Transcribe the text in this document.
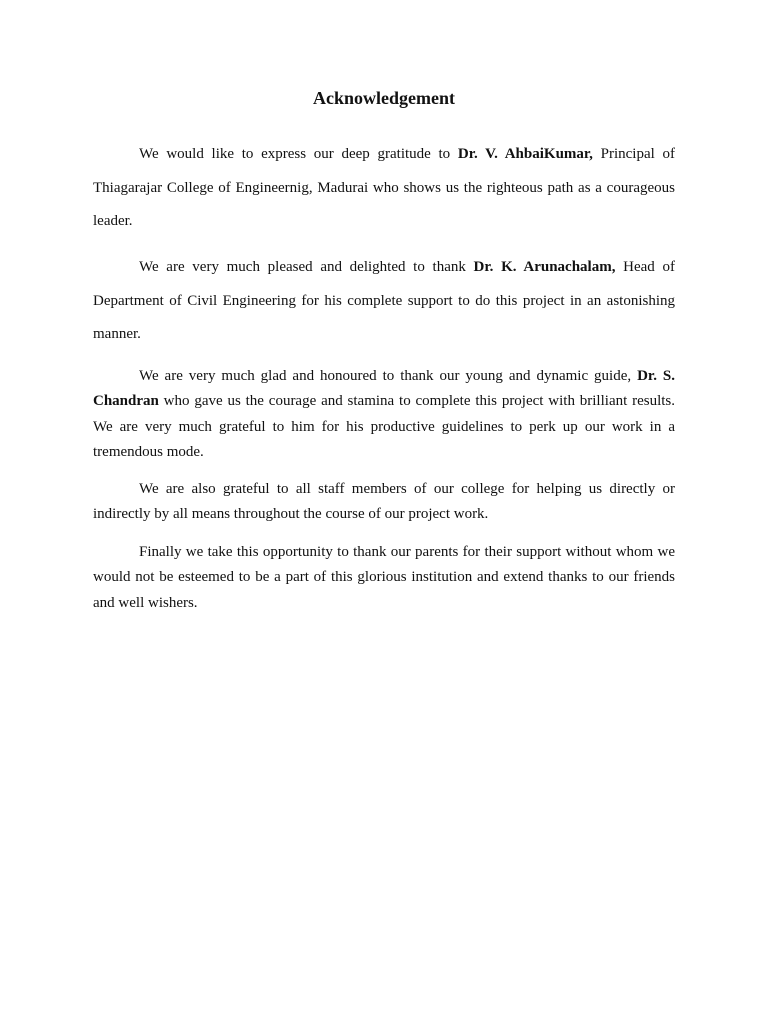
Acknowledgement

We would like to express our deep gratitude to Dr. V. AhbaiKumar, Principal of Thiagarajar College of Engineernig, Madurai who shows us the righteous path as a courageous leader.

We are very much pleased and delighted to thank Dr. K. Arunachalam, Head of Department of Civil Engineering for his complete support to do this project in an astonishing manner.

We are very much glad and honoured to thank our young and dynamic guide, Dr. S. Chandran who gave us the courage and stamina to complete this project with brilliant results. We are very much grateful to him for his productive guidelines to perk up our work in a tremendous mode.

We are also grateful to all staff members of our college for helping us directly or indirectly by all means throughout the course of our project work.

Finally we take this opportunity to thank our parents for their support without whom we would not be esteemed to be a part of this glorious institution and extend thanks to our friends and well wishers.
